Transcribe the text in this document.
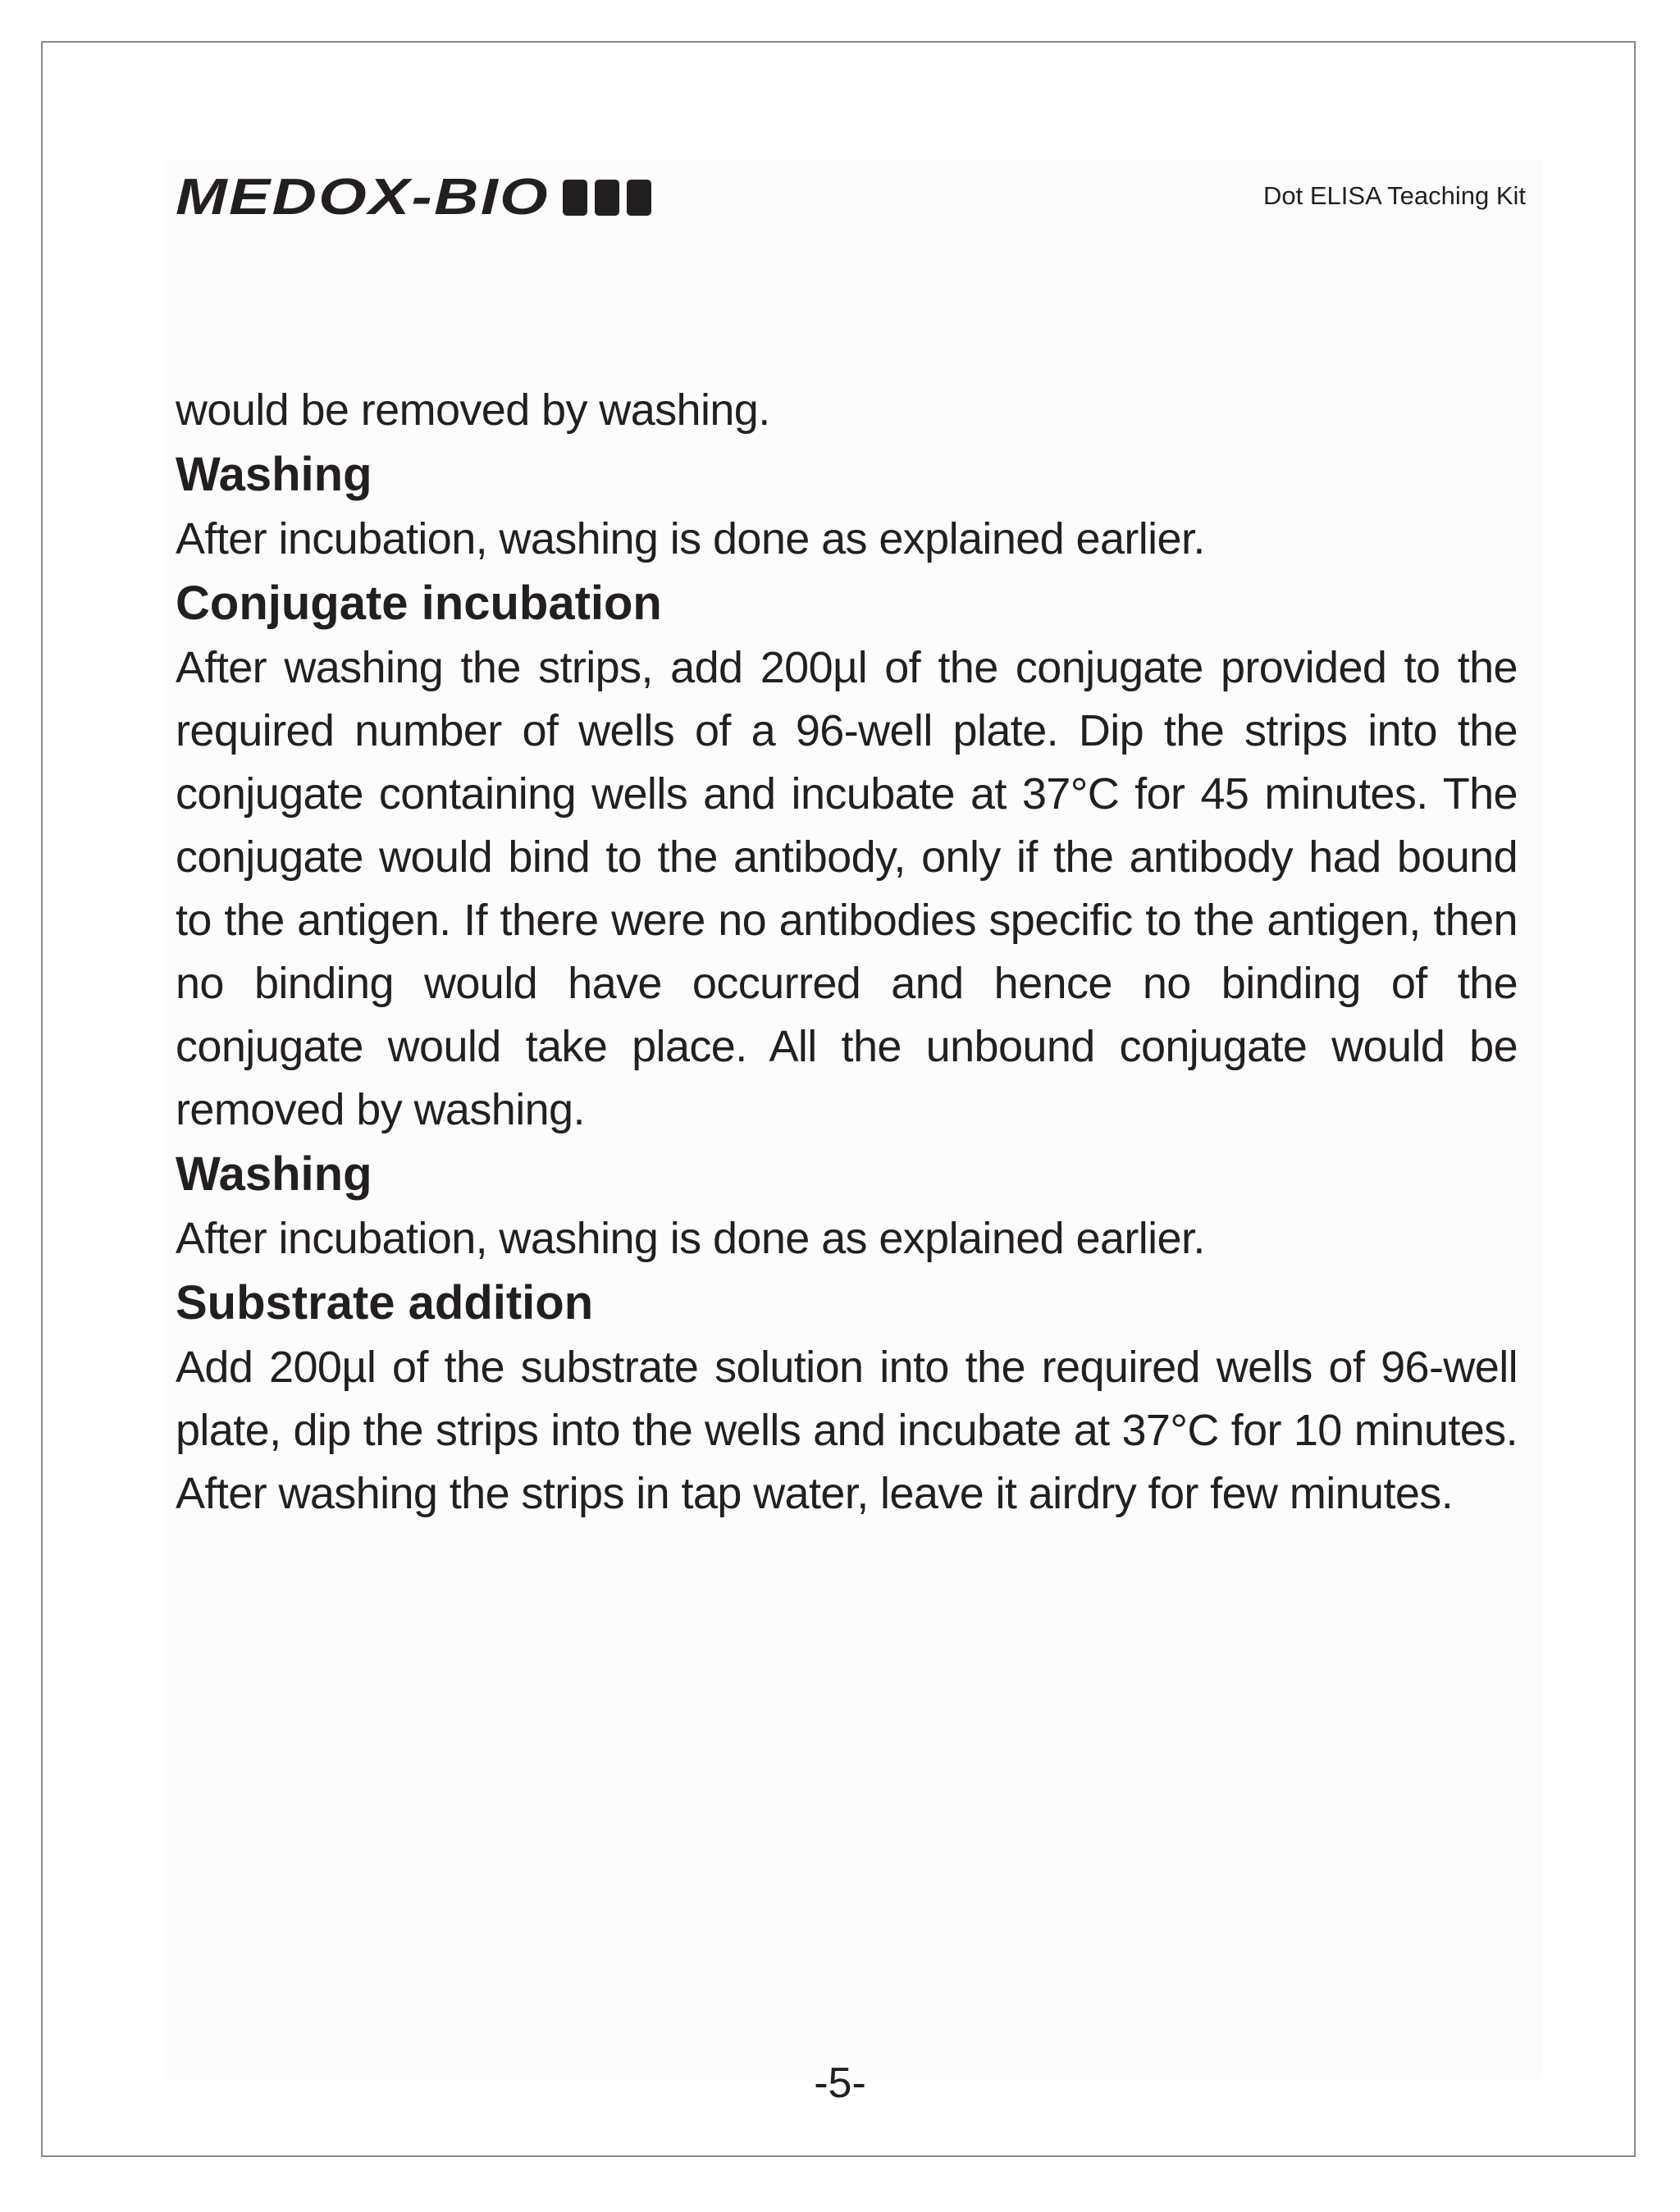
MEDOX-BIO	Dot ELISA Teaching Kit

would be removed by washing.

Washing

After incubation, washing is done as explained earlier.

Conjugate incubation

After washing the strips, add 200µl of the conjugate provided to the required number of wells of a 96-well plate. Dip the strips into the conjugate containing wells and incubate at 37°C for 45 minutes. The conjugate would bind to the antibody, only if the antibody had bound to the antigen. If there were no antibodies specific to the antigen, then no binding would have occurred and hence no binding of the conjugate would take place. All the unbound conjugate would be removed by washing.

Washing

After incubation, washing is done as explained earlier.

Substrate addition

Add 200µl of the substrate solution into the required wells of 96-well plate, dip the strips into the wells and incubate at 37°C for 10 minutes. After washing the strips in tap water, leave it airdry for few minutes.

-5-
